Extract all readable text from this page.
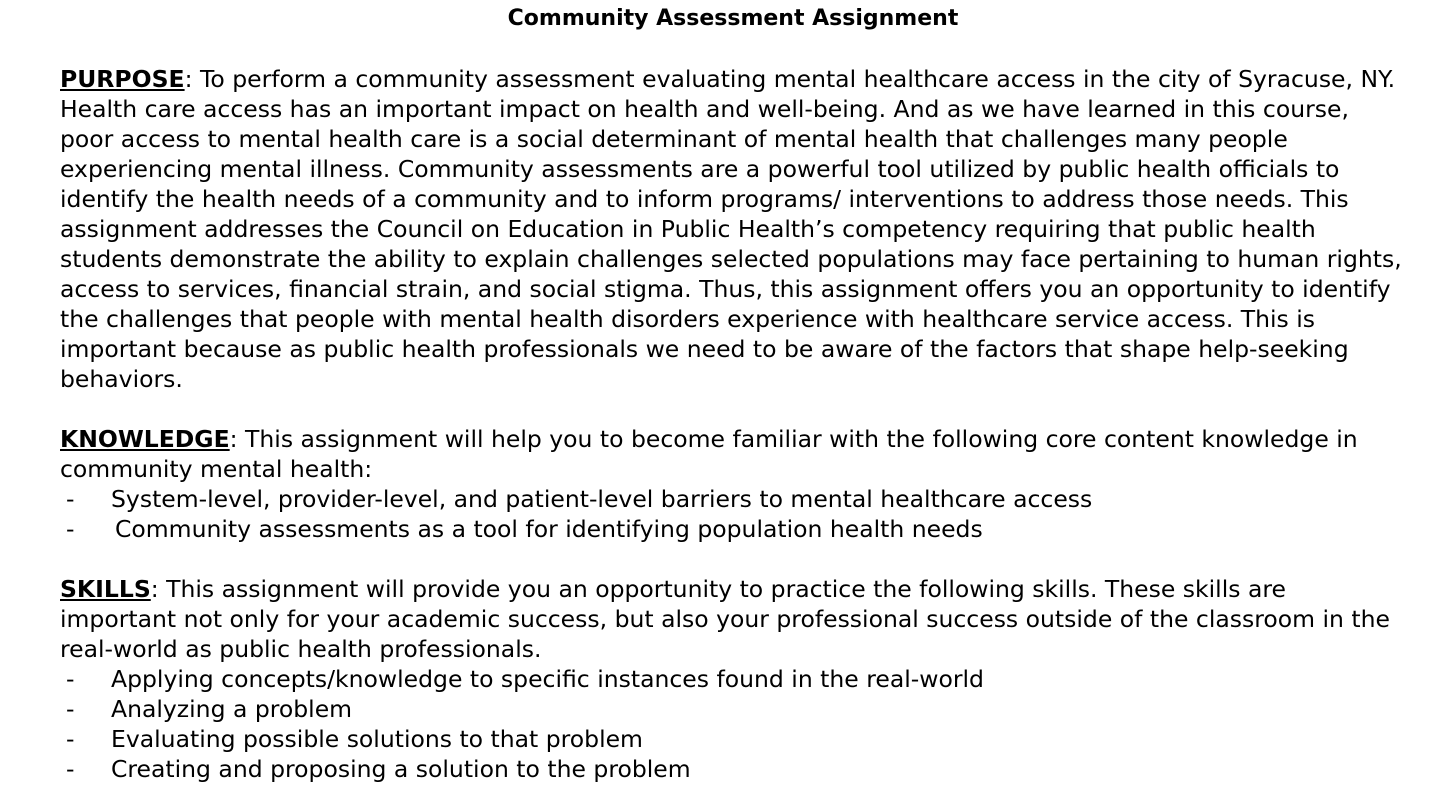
Community Assessment Assignment

PURPOSE: To perform a community assessment evaluating mental healthcare access in the city of Syracuse, NY. Health care access has an important impact on health and well-being. And as we have learned in this course, poor access to mental health care is a social determinant of mental health that challenges many people experiencing mental illness. Community assessments are a powerful tool utilized by public health officials to identify the health needs of a community and to inform programs/ interventions to address those needs. This assignment addresses the Council on Education in Public Health’s competency requiring that public health students demonstrate the ability to explain challenges selected populations may face pertaining to human rights, access to services, financial strain, and social stigma. Thus, this assignment offers you an opportunity to identify the challenges that people with mental health disorders experience with healthcare service access. This is important because as public health professionals we need to be aware of the factors that shape help-seeking behaviors.

KNOWLEDGE: This assignment will help you to become familiar with the following core content knowledge in community mental health:

- System-level, provider-level, and patient-level barriers to mental healthcare access
- Community assessments as a tool for identifying population health needs

SKILLS: This assignment will provide you an opportunity to practice the following skills. These skills are important not only for your academic success, but also your professional success outside of the classroom in the real-world as public health professionals.

- Applying concepts/knowledge to specific instances found in the real-world
- Analyzing a problem
- Evaluating possible solutions to that problem
- Creating and proposing a solution to the problem
